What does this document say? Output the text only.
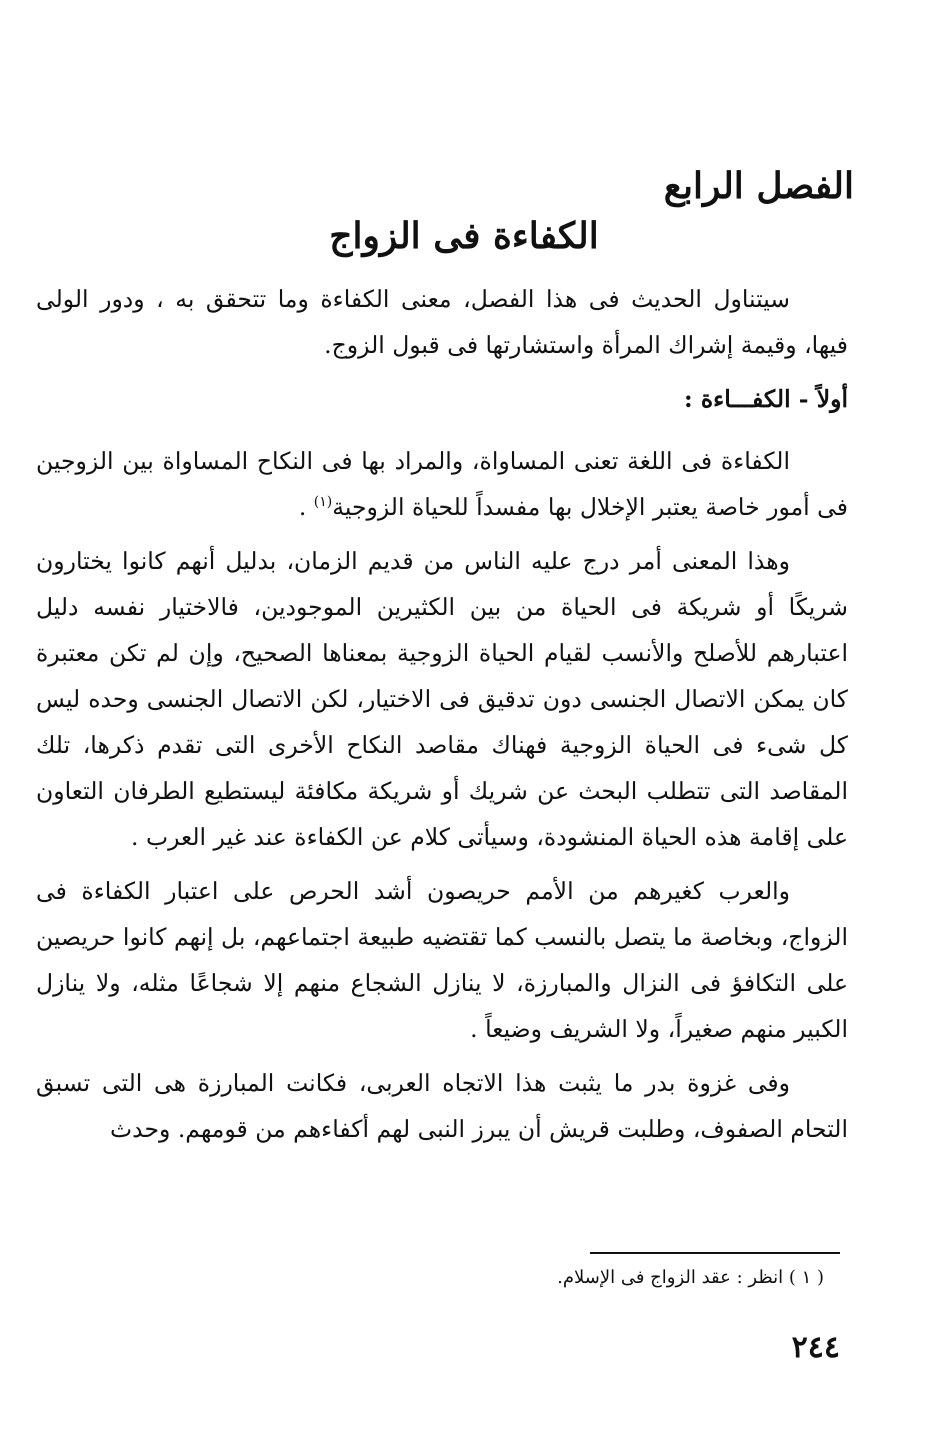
الفصل الرابع
الكفاءة فى الزواج

سيتناول الحديث فى هذا الفصل، معنى الكفاءة وما تتحقق به ، ودور الولى فيها، وقيمة إشراك المرأة واستشارتها فى قبول الزوج.

أولاً - الكفـــاءة :

الكفاءة فى اللغة تعنى المساواة، والمراد بها فى النكاح المساواة بين الزوجين فى أمور خاصة يعتبر الإخلال بها مفسداً للحياة الزوجية$^{(١)}$ .

وهذا المعنى أمر درج عليه الناس من قديم الزمان، بدليل أنهم كانوا يختارون شريكًا أو شريكة فى الحياة من بين الكثيرين الموجودين، فالاختيار نفسه دليل اعتبارهم للأصلح والأنسب لقيام الحياة الزوجية بمعناها الصحيح، وإن لم تكن معتبرة كان يمكن الاتصال الجنسى دون تدقيق فى الاختيار، لكن الاتصال الجنسى وحده ليس كل شىء فى الحياة الزوجية فهناك مقاصد النكاح الأخرى التى تقدم ذكرها، تلك المقاصد التى تتطلب البحث عن شريك أو شريكة مكافئة ليستطيع الطرفان التعاون على إقامة هذه الحياة المنشودة، وسيأتى كلام عن الكفاءة عند غير العرب .

والعرب كغيرهم من الأمم حريصون أشد الحرص على اعتبار الكفاءة فى الزواج، وبخاصة ما يتصل بالنسب كما تقتضيه طبيعة اجتماعهم، بل إنهم كانوا حريصين على التكافؤ فى النزال والمبارزة، لا ينازل الشجاع منهم إلا شجاعًا مثله، ولا ينازل الكبير منهم صغيراً، ولا الشريف وضيعاً .

وفى غزوة بدر ما يثبت هذا الاتجاه العربى، فكانت المبارزة هى التى تسبق التحام الصفوف، وطلبت قريش أن يبرز النبى لهم أكفاءهم من قومهم. وحدث

( ١ ) انظر : عقد الزواج فى الإسلام.

٢٤٤
